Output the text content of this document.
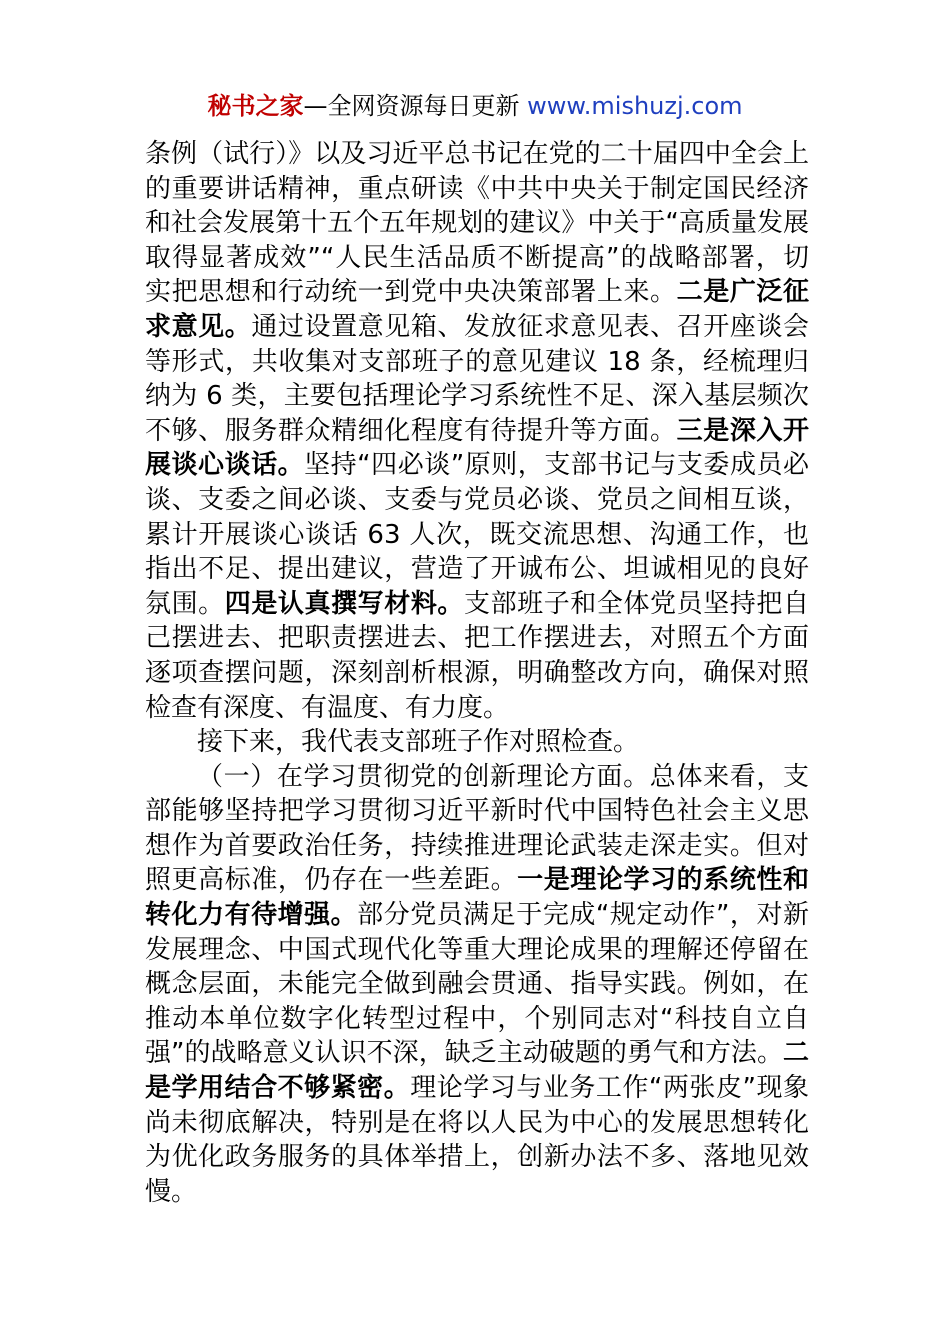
秘书之家—全网资源每日更新 www.mishuzj.com

条例（试行）》以及习近平总书记在党的二十届四中全会上的重要讲话精神，重点研读《中共中央关于制定国民经济和社会发展第十五个五年规划的建议》中关于“高质量发展取得显著成效”“人民生活品质不断提高”的战略部署，切实把思想和行动统一到党中央决策部署上来。二是广泛征求意见。通过设置意见箱、发放征求意见表、召开座谈会等形式，共收集对支部班子的意见建议 18 条，经梳理归纳为 6 类，主要包括理论学习系统性不足、深入基层频次不够、服务群众精细化程度有待提升等方面。三是深入开展谈心谈话。坚持“四必谈”原则，支部书记与支委成员必谈、支委之间必谈、支委与党员必谈、党员之间相互谈，累计开展谈心谈话 63 人次，既交流思想、沟通工作，也指出不足、提出建议，营造了开诚布公、坦诚相见的良好氛围。四是认真撰写材料。支部班子和全体党员坚持把自己摆进去、把职责摆进去、把工作摆进去，对照五个方面逐项查摆问题，深刻剖析根源，明确整改方向，确保对照检查有深度、有温度、有力度。

接下来，我代表支部班子作对照检查。

（一）在学习贯彻党的创新理论方面。总体来看，支部能够坚持把学习贯彻习近平新时代中国特色社会主义思想作为首要政治任务，持续推进理论武装走深走实。但对照更高标准，仍存在一些差距。一是理论学习的系统性和转化力有待增强。部分党员满足于完成“规定动作”，对新发展理念、中国式现代化等重大理论成果的理解还停留在概念层面，未能完全做到融会贯通、指导实践。例如，在推动本单位数字化转型过程中，个别同志对“科技自立自强”的战略意义认识不深，缺乏主动破题的勇气和方法。二是学用结合不够紧密。理论学习与业务工作“两张皮”现象尚未彻底解决，特别是在将以人民为中心的发展思想转化为优化政务服务的具体举措上，创新办法不多、落地见效慢。
